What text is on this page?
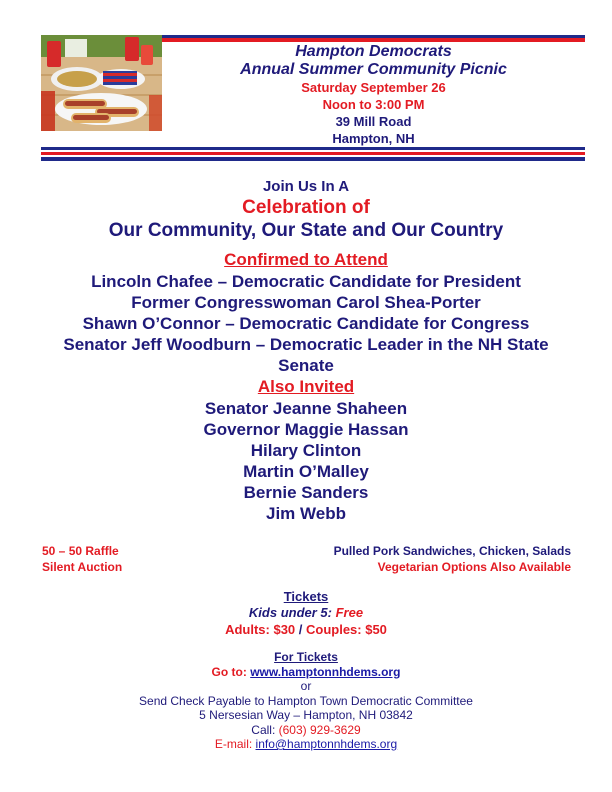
Hampton Democrats
Annual Summer Community Picnic
Saturday September 26
Noon to 3:00 PM
39 Mill Road
Hampton, NH
Join Us In A
Celebration of
Our Community, Our State and Our Country
Confirmed to Attend
Lincoln Chafee – Democratic Candidate for President
Former Congresswoman Carol Shea-Porter
Shawn O’Connor – Democratic Candidate for Congress
Senator Jeff Woodburn – Democratic Leader in the NH State
Senate
Also Invited
Senator Jeanne Shaheen
Governor Maggie Hassan
Hilary Clinton
Martin O’Malley
Bernie Sanders
Jim Webb
50 – 50 Raffle
Silent Auction
Pulled Pork Sandwiches, Chicken, Salads
Vegetarian Options Also Available
Tickets
Kids under 5: Free
Adults: $30 / Couples: $50
For Tickets
Go to: www.hamptonnhdems.org
or
Send Check Payable to Hampton Town Democratic Committee
5 Nersesian Way – Hampton, NH 03842
Call: (603) 929-3629
E-mail: info@hamptonnhdems.org
